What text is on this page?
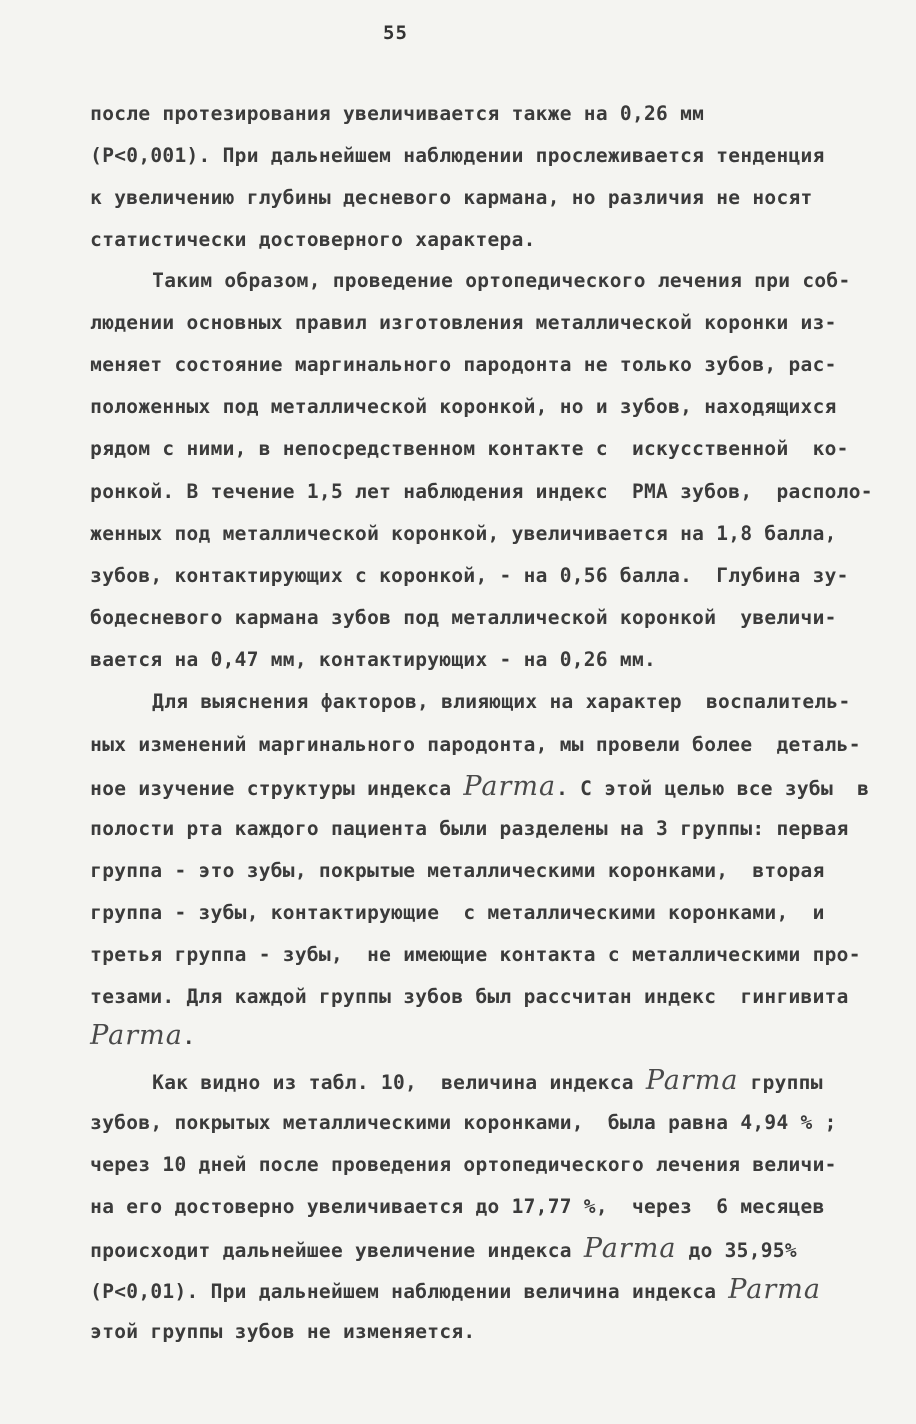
55

после протезирования увеличивается также на 0,26 мм

(P<0,001). При дальнейшем наблюдении прослеживается тенденция

к увеличению глубины десневого кармана, но различия не носят

статистически достоверного характера.

Таким образом, проведение ортопедического лечения при соб-

людении основных правил изготовления металлической коронки из-

меняет состояние маргинального пародонта не только зубов, рас-

положенных под металлической коронкой, но и зубов, находящихся

рядом с ними, в непосредственном контакте с  искусственной  ко-

ронкой. В течение 1,5 лет наблюдения индекс  РМА зубов,  располо-

женных под металлической коронкой, увеличивается на 1,8 балла,

зубов, контактирующих с коронкой, - на 0,56 балла.  Глубина зу-

бодесневого кармана зубов под металлической коронкой  увеличи-

вается на 0,47 мм, контактирующих - на 0,26 мм.

Для выяснения факторов, влияющих на характер  воспалитель-

ных изменений маргинального пародонта, мы провели более  деталь-

ное изучение структуры индекса Parma. С этой целью все зубы  в

полости рта каждого пациента были разделены на 3 группы: первая

группа - это зубы, покрытые металлическими коронками,  вторая

группа - зубы, контактирующие  с металлическими коронками,  и

третья группа - зубы,  не имеющие контакта с металлическими про-

тезами. Для каждой группы зубов был рассчитан индекс  гингивита

Parma.

Как видно из табл. 10,  величина индекса Parma группы

зубов, покрытых металлическими коронками,  была равна 4,94 % ;

через 10 дней после проведения ортопедического лечения величи-

на его достоверно увеличивается до 17,77 %,  через  6 месяцев

происходит дальнейшее увеличение индекса Parma до 35,95%

(P<0,01). При дальнейшем наблюдении величина индекса Parma

этой группы зубов не изменяется.
